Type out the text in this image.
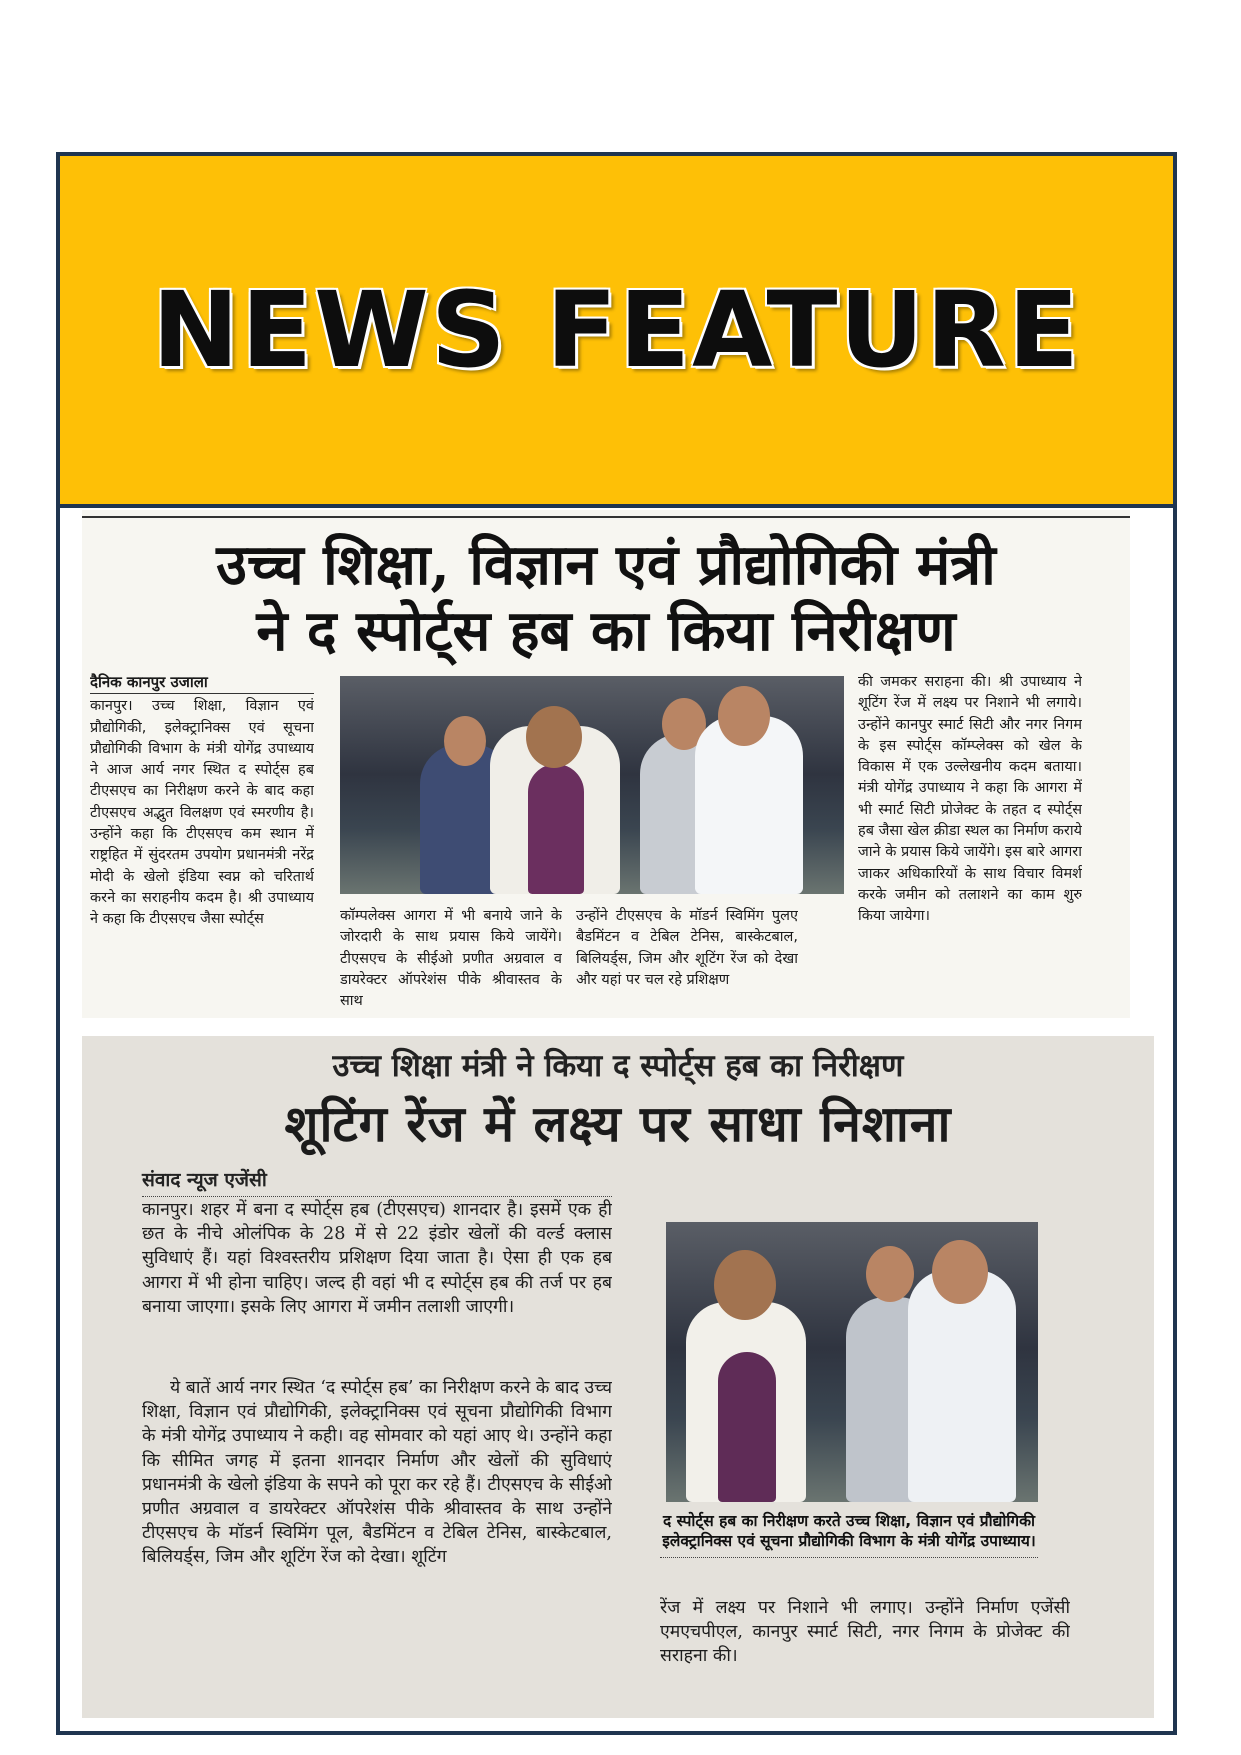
NEWS FEATURE
उच्च शिक्षा, विज्ञान एवं प्रौद्योगिकी मंत्री
ने द स्पोर्ट्स हब का किया निरीक्षण
दैनिक कानपुर उजाला
कानपुर। उच्च शिक्षा, विज्ञान एवं प्रौद्योगिकी, इलेक्ट्रानिक्स एवं सूचना प्रौद्योगिकी विभाग के मंत्री योगेंद्र उपाध्याय ने आज आर्य नगर स्थित द स्पोर्ट्स हब टीएसएच का निरीक्षण करने के बाद कहा टीएसएच अद्भुत विलक्षण एवं स्मरणीय है। उन्होंने कहा कि टीएसएच कम स्थान में राष्ट्रहित में सुंदरतम उपयोग प्रधानमंत्री नरेंद्र मोदी के खेलो इंडिया स्वप्न को चरितार्थ करने का सराहनीय कदम है। श्री उपाध्याय ने कहा कि टीएसएच जैसा स्पोर्ट्स	कॉम्पलेक्स आगरा में भी बनाये जाने के जोरदारी के साथ प्रयास किये जायेंगे। टीएसएच के सीईओ प्रणीत अग्रवाल व डायरेक्टर ऑपरेशंस पीके श्रीवास्तव के साथ
उन्होंने टीएसएच के मॉडर्न स्विमिंग पुलए बैडमिंटन व टेबिल टेनिस, बास्केटबाल, बिलियर्ड्स, जिम और शूटिंग रेंज को देखा और यहां पर चल रहे प्रशिक्षण
की जमकर सराहना की। श्री उपाध्याय ने शूटिंग रेंज में लक्ष्य पर निशाने भी लगाये। उन्होंने कानपुर स्मार्ट सिटी और नगर निगम के इस स्पोर्ट्स कॉम्प्लेक्स को खेल के विकास में एक उल्लेखनीय कदम बताया। मंत्री योगेंद्र उपाध्याय ने कहा कि आगरा में भी स्मार्ट सिटी प्रोजेक्ट के तहत द स्पोर्ट्स हब जैसा खेल क्रीडा स्थल का निर्माण कराये जाने के प्रयास किये जायेंगे। इस बारे आगरा जाकर अधिकारियों के साथ विचार विमर्श करके जमीन को तलाशने का काम शुरु किया जायेगा।
उच्च शिक्षा मंत्री ने किया द स्पोर्ट्स हब का निरीक्षण
शूटिंग रेंज में लक्ष्य पर साधा निशाना
संवाद न्यूज एजेंसी
कानपुर। शहर में बना द स्पोर्ट्स हब (टीएसएच) शानदार है। इसमें एक ही छत के नीचे ओलंपिक के 28 में से 22 इंडोर खेलों की वर्ल्ड क्लास सुविधाएं हैं। यहां विश्वस्तरीय प्रशिक्षण दिया जाता है। ऐसा ही एक हब आगरा में भी होना चाहिए। जल्द ही वहां भी द स्पोर्ट्स हब की तर्ज पर हब बनाया जाएगा। इसके लिए आगरा में जमीन तलाशी जाएगी।
ये बातें आर्य नगर स्थित ‘द स्पोर्ट्स हब’ का निरीक्षण करने के बाद उच्च शिक्षा, विज्ञान एवं प्रौद्योगिकी, इलेक्ट्रानिक्स एवं सूचना प्रौद्योगिकी विभाग के मंत्री योगेंद्र उपाध्याय ने कही। वह सोमवार को यहां आए थे। उन्होंने कहा कि सीमित जगह में इतना शानदार निर्माण और खेलों की सुविधाएं प्रधानमंत्री के खेलो इंडिया के सपने को पूरा कर रहे हैं। टीएसएच के सीईओ प्रणीत अग्रवाल व डायरेक्टर ऑपरेशंस पीके श्रीवास्तव के साथ उन्होंने टीएसएच के मॉडर्न स्विमिंग पूल, बैडमिंटन व टेबिल टेनिस, बास्केटबाल, बिलियर्ड्स, जिम और शूटिंग रेंज को देखा। शूटिंग
द स्पोर्ट्स हब का निरीक्षण करते उच्च शिक्षा, विज्ञान एवं प्रौद्योगिकी इलेक्ट्रानिक्स एवं सूचना प्रौद्योगिकी विभाग के मंत्री योगेंद्र उपाध्याय।
रेंज में लक्ष्य पर निशाने भी लगाए। उन्होंने निर्माण एजेंसी एमएचपीएल, कानपुर स्मार्ट सिटी, नगर निगम के प्रोजेक्ट की सराहना की।
